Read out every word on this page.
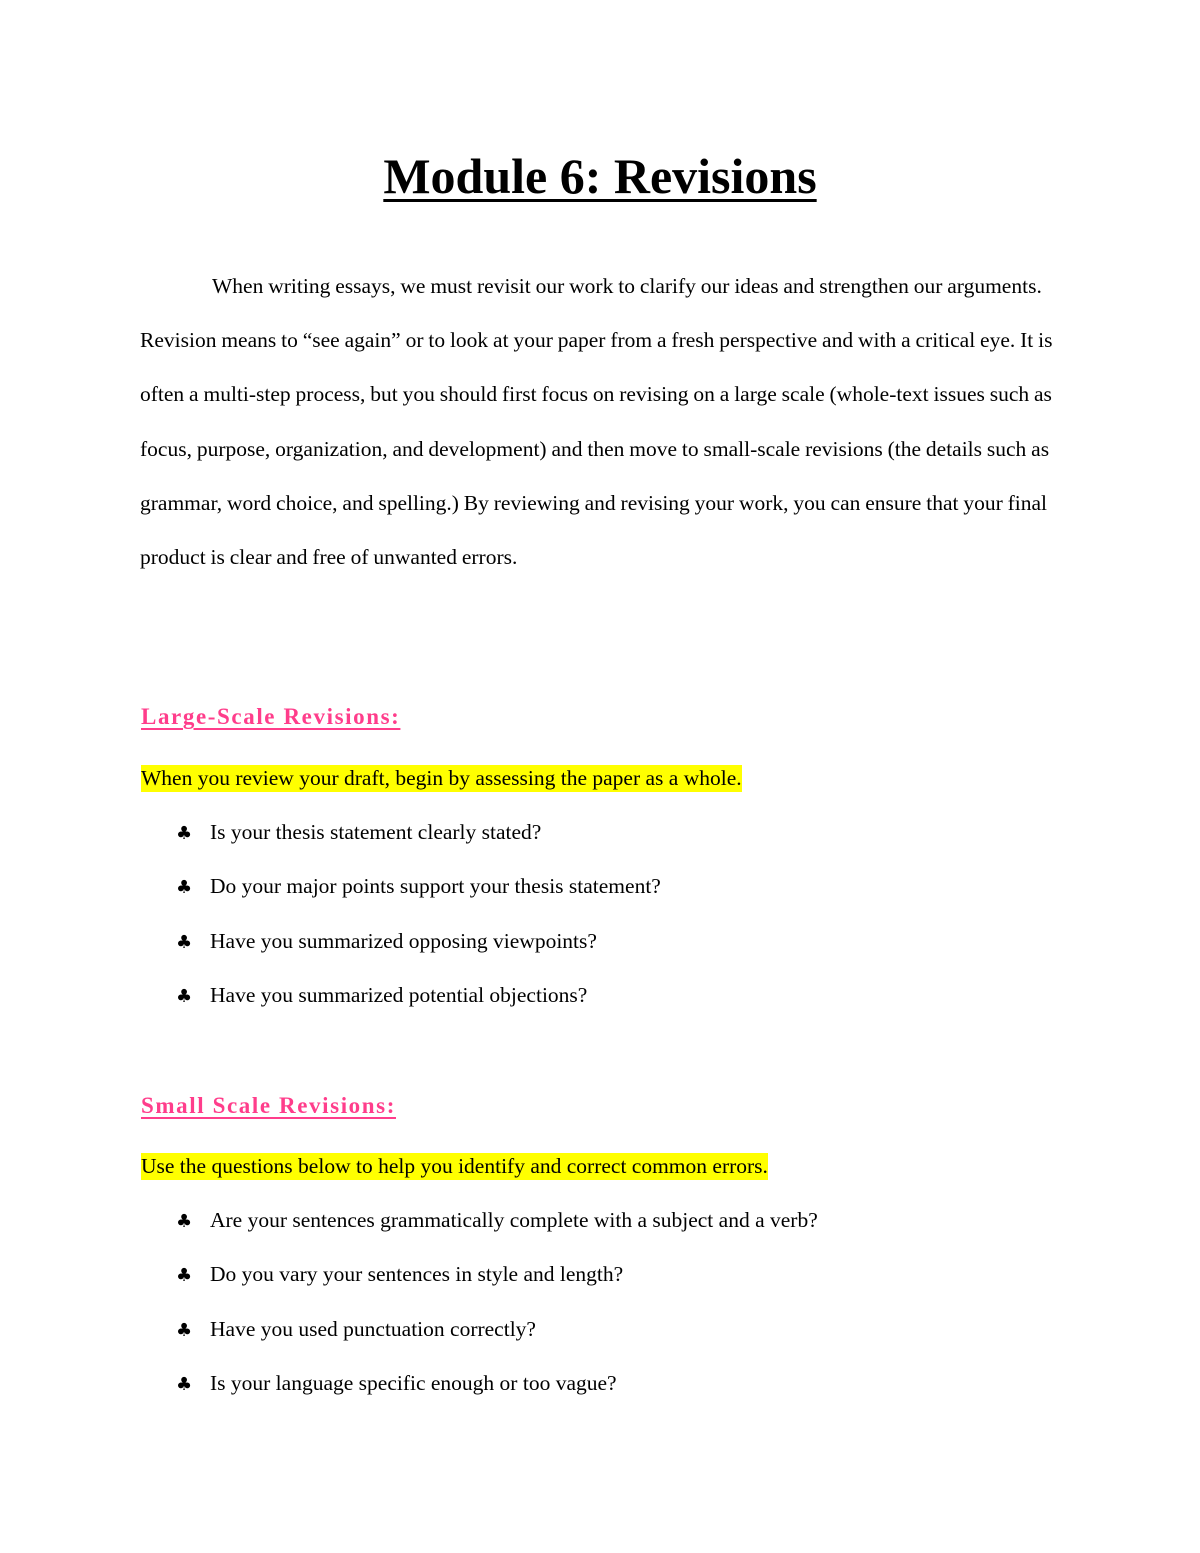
Module 6: Revisions

When writing essays, we must revisit our work to clarify our ideas and strengthen our arguments. Revision means to “see again” or to look at your paper from a fresh perspective and with a critical eye. It is often a multi-step process, but you should first focus on revising on a large scale (whole-text issues such as focus, purpose, organization, and development) and then move to small-scale revisions (the details such as grammar, word choice, and spelling.) By reviewing and revising your work, you can ensure that your final product is clear and free of unwanted errors.

Large-Scale Revisions:

When you review your draft, begin by assessing the paper as a whole.

♣ Is your thesis statement clearly stated?
♣ Do your major points support your thesis statement?
♣ Have you summarized opposing viewpoints?
♣ Have you summarized potential objections?
Small Scale Revisions:

Use the questions below to help you identify and correct common errors.

♣ Are your sentences grammatically complete with a subject and a verb?
♣ Do you vary your sentences in style and length?
♣ Have you used punctuation correctly?
♣ Is your language specific enough or too vague?
